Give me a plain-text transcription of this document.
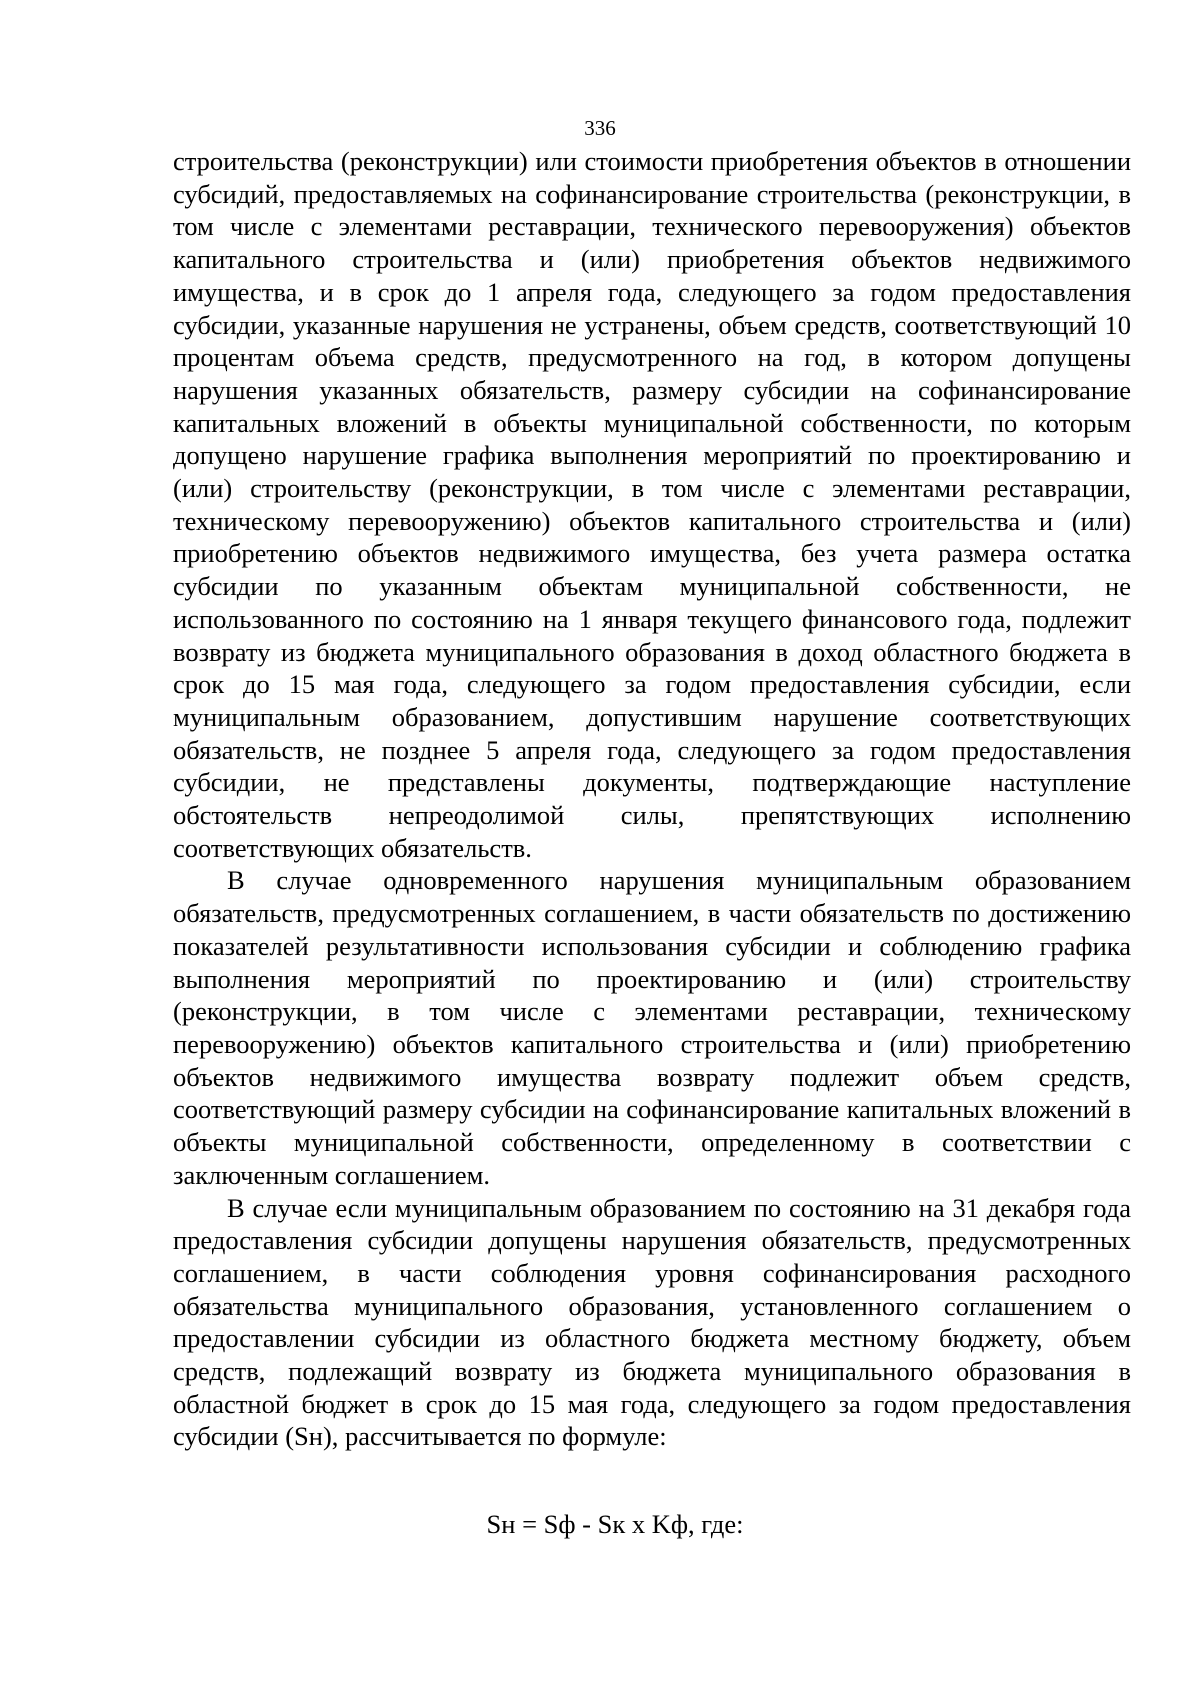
336

строительства (реконструкции) или стоимости приобретения объектов в отношении субсидий, предоставляемых на софинансирование строительства (реконструкции, в том числе с элементами реставрации, технического перевооружения) объектов капитального строительства и (или) приобретения объектов недвижимого имущества, и в срок до 1 апреля года, следующего за годом предоставления субсидии, указанные нарушения не устранены, объем средств, соответствующий 10 процентам объема средств, предусмотренного на год, в котором допущены нарушения указанных обязательств, размеру субсидии на софинансирование капитальных вложений в объекты муниципальной собственности, по которым допущено нарушение графика выполнения мероприятий по проектированию и (или) строительству (реконструкции, в том числе с элементами реставрации, техническому перевооружению) объектов капитального строительства и (или) приобретению объектов недвижимого имущества, без учета размера остатка субсидии по указанным объектам муниципальной собственности, не использованного по состоянию на 1 января текущего финансового года, подлежит возврату из бюджета муниципального образования в доход областного бюджета в срок до 15 мая года, следующего за годом предоставления субсидии, если муниципальным образованием, допустившим нарушение соответствующих обязательств, не позднее 5 апреля года, следующего за годом предоставления субсидии, не представлены документы, подтверждающие наступление обстоятельств непреодолимой силы, препятствующих исполнению соответствующих обязательств.

В случае одновременного нарушения муниципальным образованием обязательств, предусмотренных соглашением, в части обязательств по достижению показателей результативности использования субсидии и соблюдению графика выполнения мероприятий по проектированию и (или) строительству (реконструкции, в том числе с элементами реставрации, техническому перевооружению) объектов капитального строительства и (или) приобретению объектов недвижимого имущества возврату подлежит объем средств, соответствующий размеру субсидии на софинансирование капитальных вложений в объекты муниципальной собственности, определенному в соответствии с заключенным соглашением.

В случае если муниципальным образованием по состоянию на 31 декабря года предоставления субсидии допущены нарушения обязательств, предусмотренных соглашением, в части соблюдения уровня софинансирования расходного обязательства муниципального образования, установленного соглашением о предоставлении субсидии из областного бюджета местному бюджету, объем средств, подлежащий возврату из бюджета муниципального образования в областной бюджет в срок до 15 мая года, следующего за годом предоставления субсидии (Sн), рассчитывается по формуле:

Sн = Sф - Sк x Kф, где:
